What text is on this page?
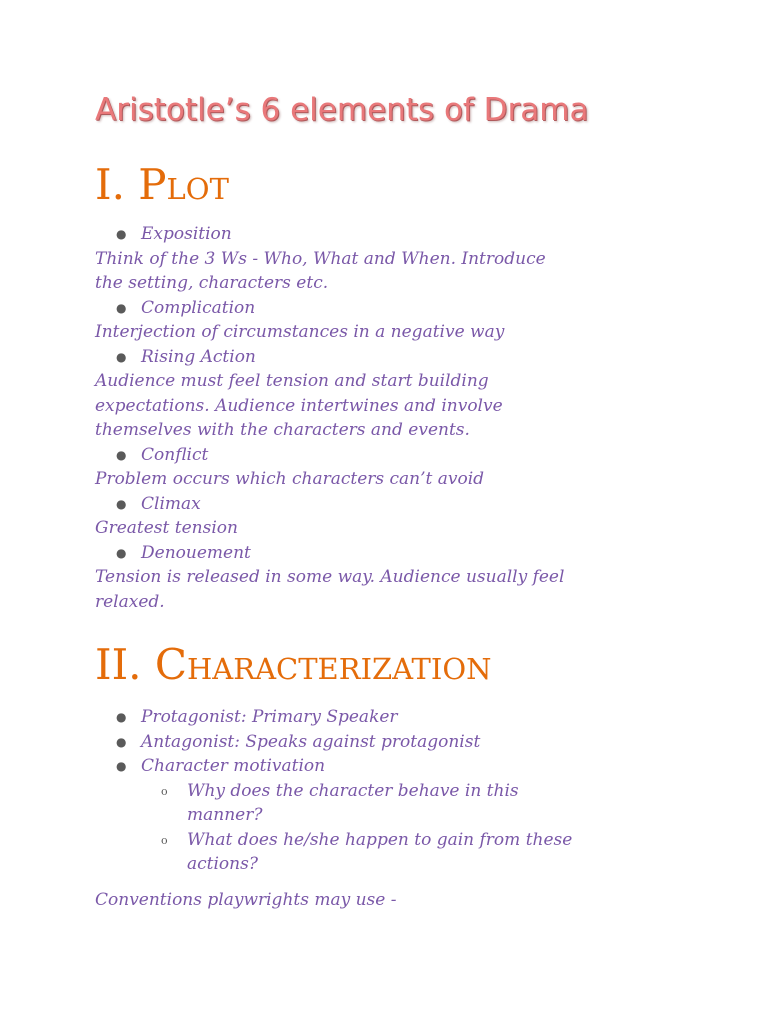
Aristotle’s 6 elements of Drama
I. Plot
● Exposition
Think of the 3 Ws - Who, What and When. Introduce
the setting, characters etc.
● Complication
Interjection of circumstances in a negative way
● Rising Action
Audience must feel tension and start building
expectations. Audience intertwines and involve
themselves with the characters and events.
● Conflict
Problem occurs which characters can’t avoid
● Climax
Greatest tension
● Denouement
Tension is released in some way. Audience usually feel
relaxed.
II. Characterization
● Protagonist: Primary Speaker
● Antagonist: Speaks against protagonist
● Character motivation
o Why does the character behave in this
manner?
o What does he/she happen to gain from these
actions?
Conventions playwrights may use -
